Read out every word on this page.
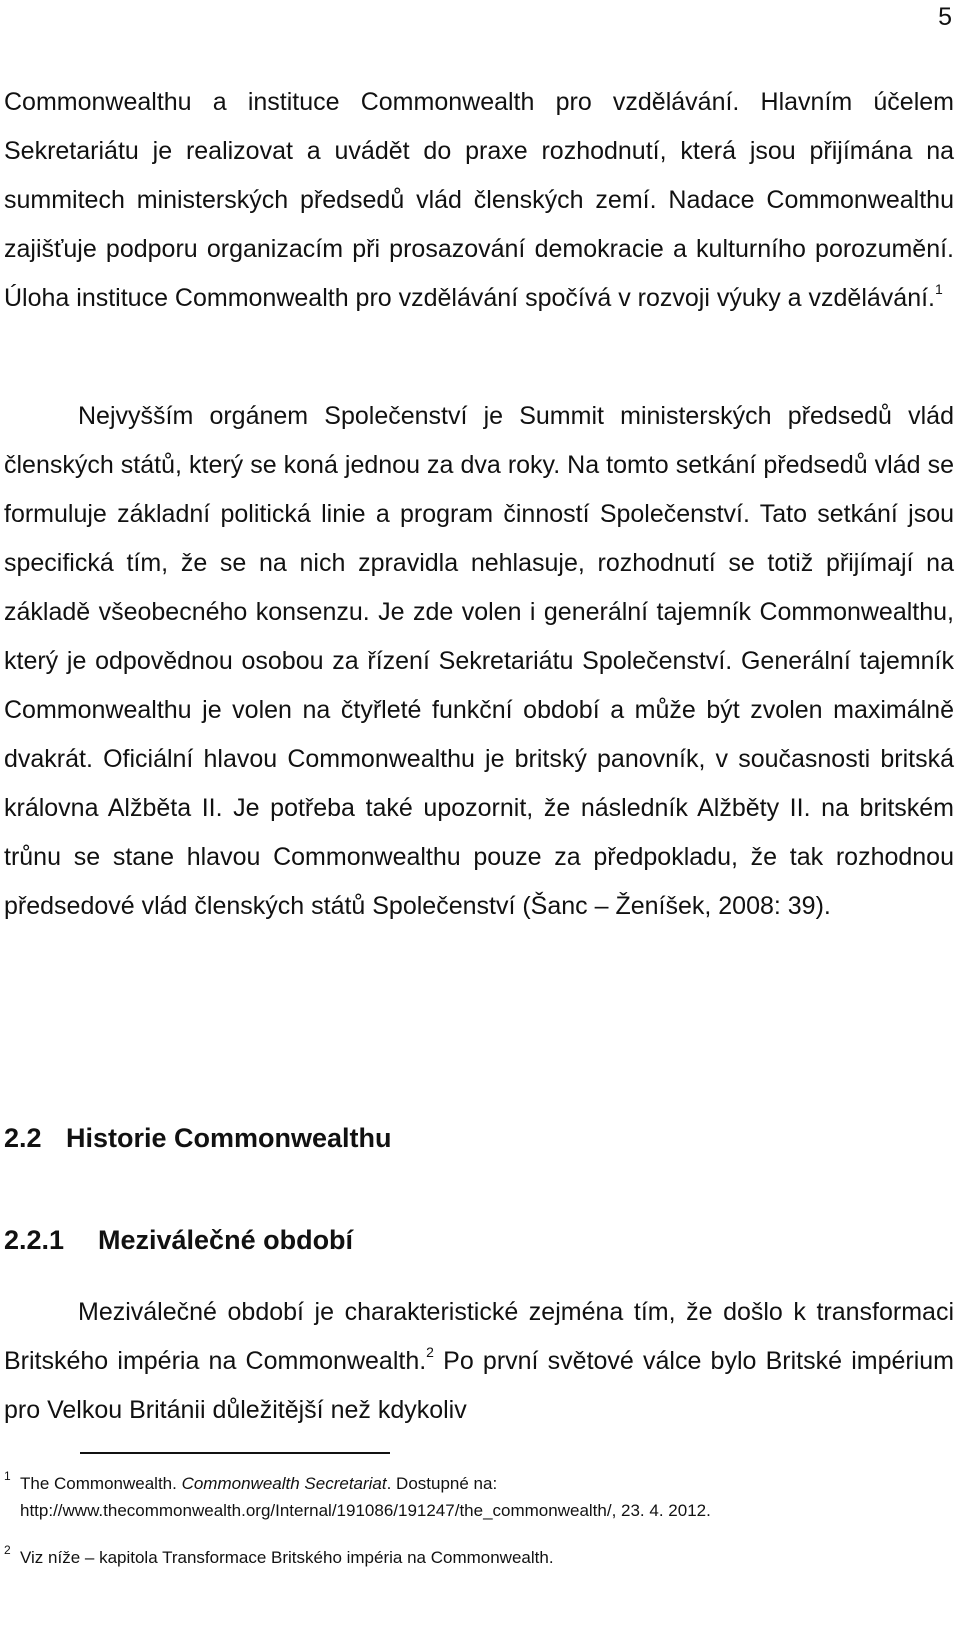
5
Commonwealthu a instituce Commonwealth pro vzdělávání. Hlavním účelem Sekretariátu je realizovat a uvádět do praxe rozhodnutí, která jsou přijímána na summitech ministerských předsedů vlád členských zemí. Nadace Commonwealthu zajišťuje podporu organizacím při prosazování demokracie a kulturního porozumění. Úloha instituce Commonwealth pro vzdělávání spočívá v rozvoji výuky a vzdělávání.$^1$
Nejvyšším orgánem Společenství je Summit ministerských předsedů vlád členských států, který se koná jednou za dva roky. Na tomto setkání předsedů vlád se formuluje základní politická linie a program činností Společenství. Tato setkání jsou specifická tím, že se na nich zpravidla nehlasuje, rozhodnutí se totiž přijímají na základě všeobecného konsenzu. Je zde volen i generální tajemník Commonwealthu, který je odpovědnou osobou za řízení Sekretariátu Společenství. Generální tajemník Commonwealthu je volen na čtyřleté funkční období a může být zvolen maximálně dvakrát. Oficiální hlavou Commonwealthu je britský panovník, v současnosti britská královna Alžběta II. Je potřeba také upozornit, že následník Alžběty II. na britském trůnu se stane hlavou Commonwealthu pouze za předpokladu, že tak rozhodnou předsedové vlád členských států Společenství (Šanc – Ženíšek, 2008: 39).
2.2 Historie Commonwealthu
2.2.1 Meziválečné období
Meziválečné období je charakteristické zejména tím, že došlo k transformaci Britského impéria na Commonwealth.$^2$ Po první světové válce bylo Britské impérium pro Velkou Británii důležitější než kdykoliv
1 The Commonwealth. Commonwealth Secretariat. Dostupné na:
http://www.thecommonwealth.org/Internal/191086/191247/the_commonwealth/, 23. 4. 2012.
2 Viz níže – kapitola Transformace Britského impéria na Commonwealth.
